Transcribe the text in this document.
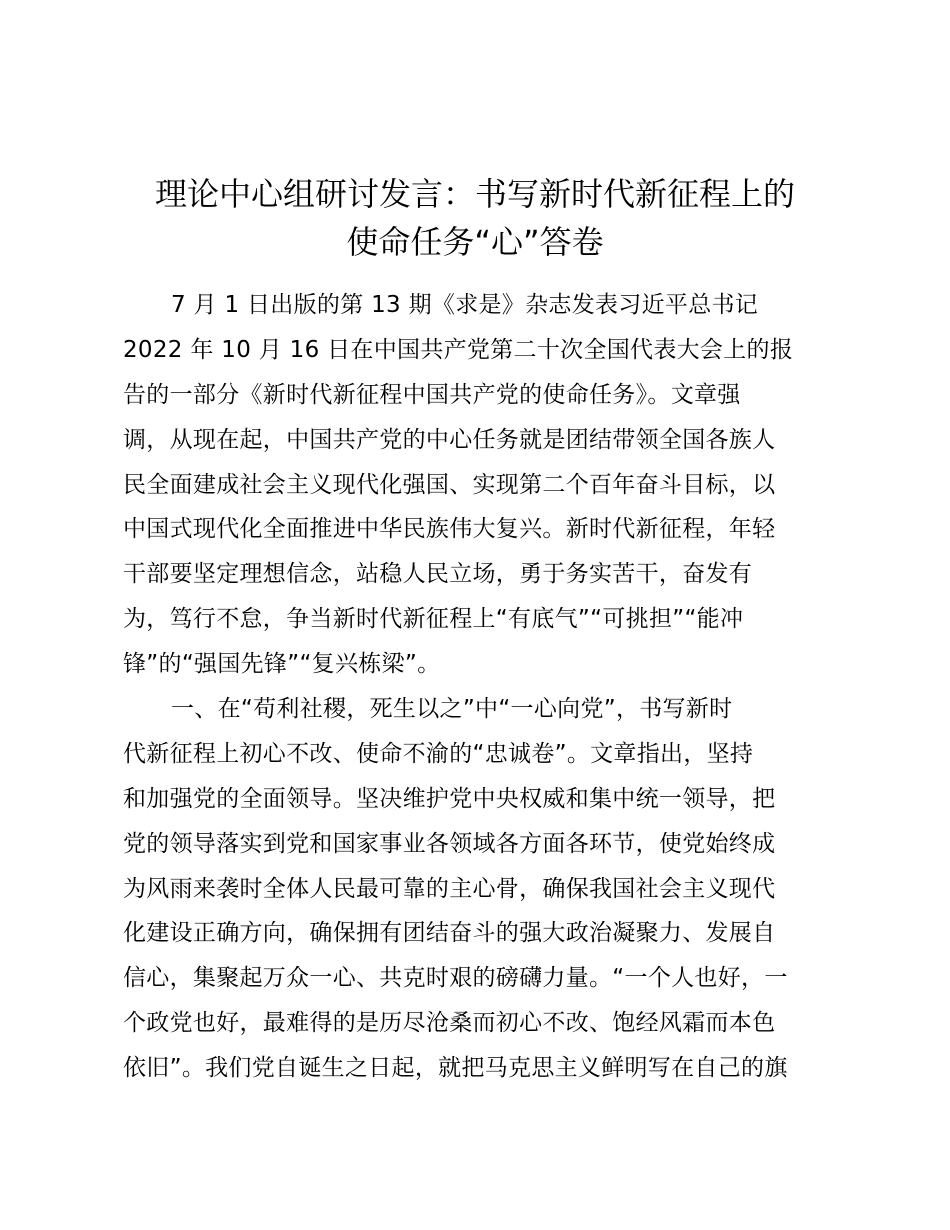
理论中心组研讨发言：书写新时代新征程上的
使命任务“心”答卷
7 月 1 日出版的第 13 期《求是》杂志发表习近平总书记
2022 年 10 月 16 日在中国共产党第二十次全国代表大会上的报
告的一部分《新时代新征程中国共产党的使命任务》。文章强
调，从现在起，中国共产党的中心任务就是团结带领全国各族人
民全面建成社会主义现代化强国、实现第二个百年奋斗目标，以
中国式现代化全面推进中华民族伟大复兴。新时代新征程，年轻
干部要坚定理想信念，站稳人民立场，勇于务实苦干，奋发有
为，笃行不怠，争当新时代新征程上“有底气”“可挑担”“能冲
锋”的“强国先锋”“复兴栋梁”。
一、在“苟利社稷，死生以之”中“一心向党”，书写新时
代新征程上初心不改、使命不渝的“忠诚卷”。文章指出，坚持
和加强党的全面领导。坚决维护党中央权威和集中统一领导，把
党的领导落实到党和国家事业各领域各方面各环节，使党始终成
为风雨来袭时全体人民最可靠的主心骨，确保我国社会主义现代
化建设正确方向，确保拥有团结奋斗的强大政治凝聚力、发展自
信心，集聚起万众一心、共克时艰的磅礴力量。“一个人也好，一
个政党也好，最难得的是历尽沧桑而初心不改、饱经风霜而本色
依旧”。我们党自诞生之日起，就把马克思主义鲜明写在自己的旗
